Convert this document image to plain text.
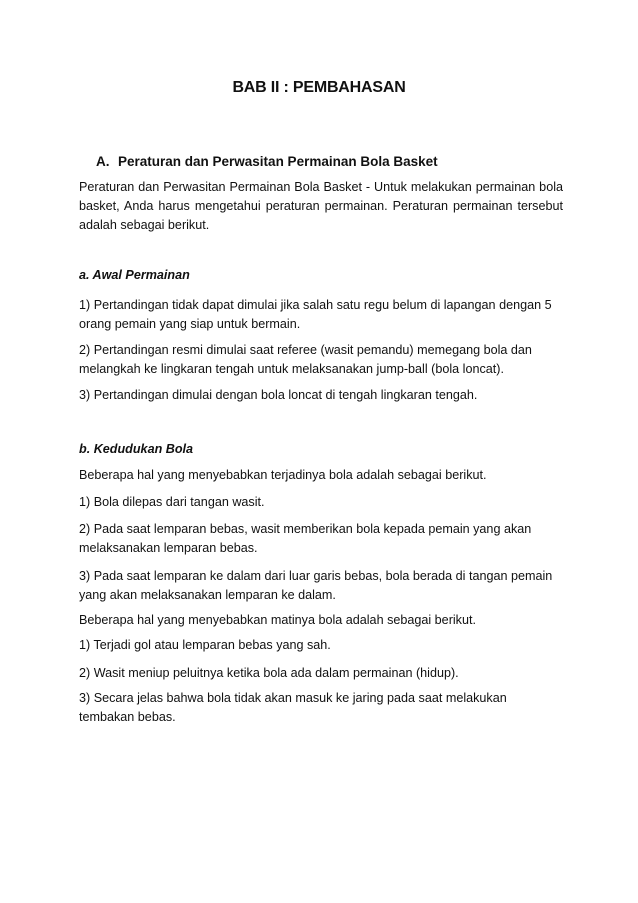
BAB II : PEMBAHASAN
A. Peraturan dan Perwasitan Permainan Bola Basket

Peraturan dan Perwasitan Permainan Bola Basket - Untuk melakukan permainan bola basket, Anda harus mengetahui peraturan permainan. Peraturan permainan tersebut adalah sebagai berikut.

a. Awal Permainan

1) Pertandingan tidak dapat dimulai jika salah satu regu belum di lapangan dengan 5 orang pemain yang siap untuk bermain.

2) Pertandingan resmi dimulai saat referee (wasit pemandu) memegang bola dan melangkah ke lingkaran tengah untuk melaksanakan jump-ball (bola loncat).

3) Pertandingan dimulai dengan bola loncat di tengah lingkaran tengah.

b. Kedudukan Bola

Beberapa hal yang menyebabkan terjadinya bola adalah sebagai berikut.

1) Bola dilepas dari tangan wasit.

2) Pada saat lemparan bebas, wasit memberikan bola kepada pemain yang akan melaksanakan lemparan bebas.

3) Pada saat lemparan ke dalam dari luar garis bebas, bola berada di tangan pemain yang akan melaksanakan lemparan ke dalam.

Beberapa hal yang menyebabkan matinya bola adalah sebagai berikut.

1) Terjadi gol atau lemparan bebas yang sah.

2) Wasit meniup peluitnya ketika bola ada dalam permainan (hidup).

3) Secara jelas bahwa bola tidak akan masuk ke jaring pada saat melakukan tembakan bebas.
